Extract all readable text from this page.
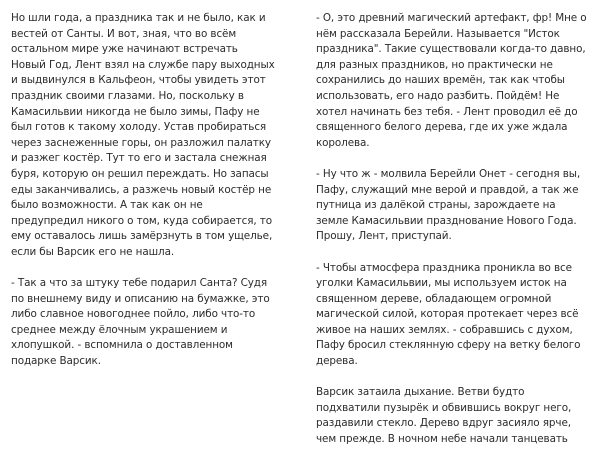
Но шли года, а праздника так и не было, как и
вестей от Санты. И вот, зная, что во всём
остальном мире уже начинают встречать
Новый Год, Лент взял на службе пару выходных
и выдвинулся в Кальфеон, чтобы увидеть этот
праздник своими глазами. Но, поскольку в
Камасильвии никогда не было зимы, Пафу не
был готов к такому холоду. Устав пробираться
через заснеженные горы, он разложил палатку
и разжег костёр. Тут то его и застала снежная
буря, которую он решил переждать. Но запасы
еды заканчивались, а разжечь новый костёр не
было возможности. А так как он не
предупредил никого о том, куда собирается, то
ему оставалось лишь замёрзнуть в том ущелье,
если бы Варсик его не нашла.

- Так а что за штуку тебе подарил Санта? Судя
по внешнему виду и описанию на бумажке, это
либо славное новогоднее пойло, либо что-то
среднее между ёлочным украшением и
хлопушкой. - вспомнила о доставленном
подарке Варсик.

- О, это древний магический артефакт, фр! Мне о
нём рассказала Берейли. Называется "Исток
праздника". Такие существовали когда-то давно,
для разных праздников, но практически не
сохранились до наших времён, так как чтобы
использовать, его надо разбить. Пойдём! Не
хотел начинать без тебя. - Лент проводил её до
священного белого дерева, где их уже ждала
королева.

- Ну что ж - молвила Берейли Онет - сегодня вы,
Пафу, служащий мне верой и правдой, а так же
путница из далёкой страны, зарождаете на
земле Камасильвии празднование Нового Года.
Прошу, Лент, приступай.

- Чтобы атмосфера праздника проникла во все
уголки Камасильвии, мы используем исток на
священном дереве, обладающем огромной
магической силой, которая протекает через всё
живое на наших землях. - собравшись с духом,
Пафу бросил стеклянную сферу на ветку белого
дерева.

Варсик затаила дыхание. Ветви будто
подхватили пузырёк и обвившись вокруг него,
раздавили стекло. Дерево вдруг засияло ярче,
чем прежде. В ночном небе начали танцевать
